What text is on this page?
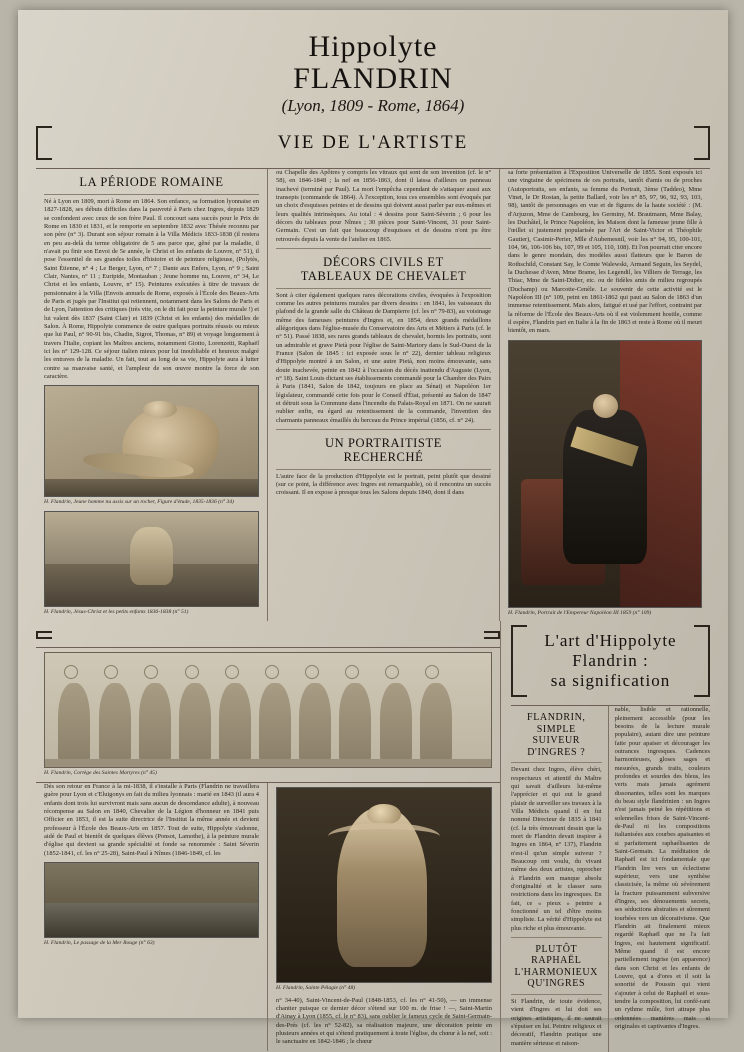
Hippolyte
FLANDRIN
(Lyon, 1809 - Rome, 1864)
VIE DE L'ARTISTE
LA PÉRIODE ROMAINE

Né à Lyon en 1809, mort à Rome en 1864. Son enfance, sa formation lyonnaise en 1827-1828, ses débuts difficiles dans la pauvreté à Paris chez Ingres, depuis 1829 se confondent avec ceux de son frère Paul. Il concourt sans succès pour le Prix de Rome en 1830 et 1831, et le remporte en septembre 1832 avec Thésée reconnu par son père (n° 3). Durant son séjour romain à la Villa Médicis 1833-1838 (il restera en peu au-delà du terme obligatoire de 5 ans parce que, gêné par la maladie, il n'avait pu finir son Envoi de 5e année, le Christ et les enfants de Louvre, n° 51), il pose l'essentiel de ses grandes toiles d'histoire et de peinture religieuse, (Polytès, Saint Étienne, n° 4 ; Le Berger, Lyon, n° 7 ; Dante aux Enfers, Lyon, n° 9 ; Saint Clair, Nantes, n° 11 ; Euripide, Montauban ; Jeune homme nu, Louvre, n° 34, Le Christ et les enfants, Louvre, n° 15). Peintures exécutées à titre de travaux de pensionnaire à la Villa (Envois annuels de Rome, exposés à l'École des Beaux-Arts de Paris et jugés par l'Institut qui retiennent, notamment dans les Salons de Paris et de Lyon, l'attention des critiques (très vite, on le dit fait pour la peinture murale !) et lui valent dès 1837 (Saint Clair) et 1839 (Christ et les enfants) des médailles de Salon. À Rome, Hippolyte commence de outre quelques portraits réussis ou mieux que lui Paul, n° 90-91 bis, Chadin, Sigrot, Thomas, n° 89) et voyage longuement à travers l'Italie, copiant les Maîtres anciens, notamment Giotto, Lorenzetti, Raphaël ici les n° 129-128. Ce séjour italien mieux pour lui inoubliable et heureux malgré les entraves de la maladie. Un fait, tout au long de sa vie, Hippolyte aura à lutter contre sa mauvaise santé, et l'ampleur de son œuvre montre la force de son caractère.

H. Flandrin, Jeune homme nu assis sur un rocher, Figure d'étude, 1835-1836 (n° 34)
H. Flandrin, Jésus-Christ et les petits enfants 1836-1838 (n° 51)

ou Chapelle des Apôtres y compris les vitraux qui sont de son invention (cf. le n° 58), en 1846-1848 ; la nef en 1856-1863, dont il laissa d'ailleurs un panneau inachevé (terminé par Paul). La mort l'empêcha cependant de s'attaquer aussi aux transepts (commande de 1864). À l'exception, tous ces ensembles sont évoqués par un choix d'esquisses peintes et de dessins qui doivent aussi parler par eux-mêmes et leurs qualités intrinsèques. Au total : 4 dessins pour Saint-Séverin ; 6 pour les décors du tableaux pour Nîmes ; 30 pièces pour Saint-Vincent, 31 pour Saint-Germain. C'est un fait que beaucoup d'esquisses et de dessins n'ont pu être retrouvés depuis la vente de l'atelier en 1865.

DÉCORS CIVILS ET
TABLEAUX DE CHEVALET

Sont à citer également quelques rares décorations civiles, évoquées à l'exposition comme les autres peintures murales par divers dessins : en 1841, les vaisseaux du plafond de la grande salle du Château de Dampierre (cf. les n° 79-83), au voisinage même des fameuses peintures d'Ingres et, en 1854, deux grands médaillons allégoriques dans l'église-musée du Conservatoire des Arts et Métiers à Paris (cf. le n° 51). Passé 1838, ses rares grands tableaux de chevalet, hormis les portraits, sont un admirable et grave Pietà pour l'église de Saint-Martory dans le Sud-Ouest de la France (Salon de 1845 : ici exposée sous le n° 22), dernier tableau religieux d'Hippolyte montré à un Salon, et une autre Pietà, non moins émouvante, sans doute inachevée, peinte en 1842 à l'occasion du décès inattendu d'Auguste (Lyon, n° 18). Saint Louis dictant ses établissements commandé pour la Chambre des Pairs à Paris (1841, Salon de 1842, toujours en place au Sénat) et Napoléon 1er législateur, commandé cette fois pour le Conseil d'État, présenté au Salon de 1847 et détruit sous la Commune dans l'incendie du Palais-Royal en 1871. On ne saurait oublier enfin, eu égard au retentissement de la commande, l'invention des charmants panneaux émaillés du berceau du Prince impérial (1856, cf. n° 24).

UN PORTRAITISTE
RECHERCHÉ

L'autre face de la production d'Hippolyte est le portrait, peint plutôt que dessiné (sur ce point, la différence avec Ingres est remarquable), où il rencontra un succès croissant. Il en expose à presque tous les Salons depuis 1840, dont il dans

sa forte présentation à l'Exposition Universelle de 1855. Sont exposés ici une vingtaine de spécimens de ces portraits, tantôt d'amis ou de proches (Autoportraits, ses enfants, sa femme du Portrait, 3ème (Taddeo), Mme Vinet, le Dr Rostan, la petite Ballard, voir les n° 85, 97, 96, 92, 93, 103, 98), tantôt de personnages en vue et de figures de la haute société : (M. d'Arjuzon, Mme de Cambourg, les Germiny, M. Brautmann, Mme Balay, les Duchâtel, le Prince Napoléon, les Maison dont la fameuse jeune fille à l'œillet si justement popularisée par l'Art de Saint-Victor et Théophile Gautier), Casimir-Perier, Mlle d'Aubemesnil, voir les n° 94, 95, 100-101, 104, 96, 106-106 bis, 107, 99 et 105, 110, 108). Et l'on pourrait citer encore dans le genre mondain, des modèles aussi flatteurs que le Baron de Rothschild, Constant Say, le Comte Walewski, Armand Seguin, les Seydel, la Duchesse d'Aven, Mme Brame, les Legendil, les Villiers de Terrage, les Thiac, Mme de Saint-Didier, etc. ou de fidèles amis de milieu regroupés (Duchamp) ou Marcotte-Cenèle. Le souvenir de cette activité est le Napoléon III (n° 109, peint en 1861-1862 qui paut au Salon de 1863 d'un immense retentissement. Mais alors, fatigué et usé par l'effort, contraint par la réforme de l'École des Beaux-Arts où il est violemment hostile, comme il espère, Flandrin part en Italie à la fin de 1863 et reste à Rome où il meurt bientôt, en mars.

H. Flandrin, Portrait de l'Empereur Napoléon III 1859 (n° 109)
H. Flandrin, Cortège des Saintes Martyres (n° 45)

Dès son retour en France à la mi-1838, il s'installe à Paris (Flandrin ne travaillera guère pour Lyon et c'Eluigonys en fait du milieu lyonnais : marié en 1843 (il aura 4 enfants dont trois lui survivront mais sans aucun de descendance adulte), à nouveau récompense au Salon en 1840, Chevalier de la Légion d'honneur en 1841 puis Officier en 1853, il est la suite directrice de l'Institut la même année et devient professeur à l'École des Beaux-Arts en 1857. Tout de suite, Hippolyte s'adonne, aidé de Paul et bientôt de quelques élèves (Ponsot, Lamothe), à la peinture murale d'église qui devient sa grande spécialité et fonde sa renommée : Saint Séverin (1852-1841, cf. les n° 25-28), Saint-Paul à Nîmes (1846-1849, cf. les

H. Flandrin, Le passage de la Mer Rouge (n° 63)
H. Flandrin, Sainte Pélagie (n° 48)

n° 34-40), Saint-Vincent-de-Paul (1848-1853, cf. les n° 41-50), — un immense chantier puisque ce dernier décor s'étend sur 100 m. de frise ! —, Saint-Martin d'Ainay à Lyon (1855, cf. le n° 83), sans oublier le fameux cycle de Saint-Germain-des-Prés (cf. les n° 52-82), sa réalisation majeure, une décoration peinte en plusieurs années et qui s'étend pratiquement à toute l'église, du chœur à la nef, soit : le sanctuaire en 1842-1846 ; le chœur

L'art d'Hippolyte Flandrin :
sa signification
FLANDRIN, SIMPLE
SUIVEUR D'INGRES ?

Devant chez Ingres, élève chéri, respectueux et attentif du Maître qui savait d'ailleurs lui-même l'apprécier et qui eut le grand plaisir de surveiller ses travaux à la Villa Médicis quand il en fut nommé Directeur de 1835 à 1841 (cf. la très émouvant dessin que la mort de Flandrin devait inspirer à Ingres en 1864, n° 137), Flandrin n'est-il qu'un simple suiveur ? Beaucoup ont voulu, du vivant même des deux artistes, reprocher à Flandrin son manque absolu d'originalité et le classer sans restrictions dans les ingresques. En fait, ce « pieux » peintre a fonctionné un tel d'être moins simpliste. La vérité d'Hippolyte est plus riche et plus émouvante.

PLUTÔT RAPHAËL
L'HARMONIEUX
QU'INGRES

Si Flandrin, de toute évidence, vient d'Ingres et lui doit ses origines artistiques, il ne saurait s'épuiser en lui. Peintre religieux et décoratif, Flandrin pratique une manière sérieuse et raison-

nable, lisible et rationnelle, pleinement accessible (pour les besoins de la lecture murale populaire), autant dire une peinture faite pour apaiser et décourager les outrances ingresques. Cadences harmonieuses, gloses sages et mesurées, grands traits, couleurs profondes et sourdes des bleus, les verts mais jamais agrément dissonantes, telles sont les marques du beau style flandrinien : un Ingres n'est jamais peiné les répétitions et solennelles frises de Saint-Vincent-de-Paul ni les compositions italianisées aux courbes apaisantes et si parfaitement raphaélisantes de Saint-Germain. La méditation de Raphaël est ici fondamentale que Flandrin lire vers un éclectisme supérieur, vers une synthèse classicisée, la même où sévèrement la fracture puissamment subversive d'Ingres, ses dénouements secrets, ses séductions abstraites et sûrement tourbées vers un décorativisme. Que Flandrin ait finalement mieux regardé Raphaël que ne l'a fait Ingres, est hautement significatif. Même quand il est encore partiellement ingrise (en apparence) dans son Christ et les enfants de Louvre, qui a d'ores et il soit la sonorité de Poussin qui vient s'ajouter à celui de Raphaël et sous-tendre la composition, lui confé-rant un rythme mûle, fort attrape plus ordonnées manières mais si originales et captivantes d'Ingres.
